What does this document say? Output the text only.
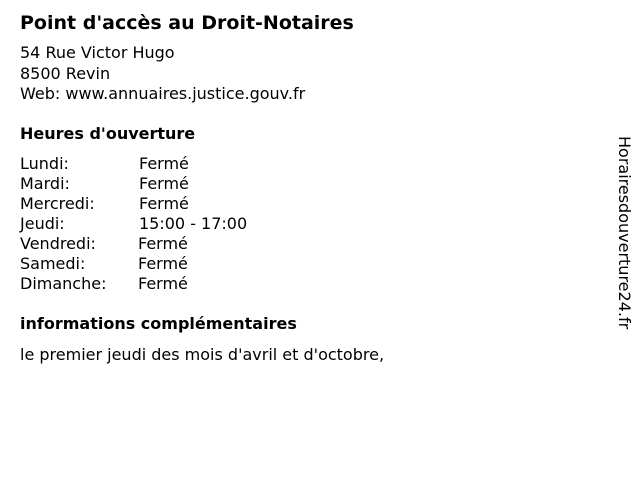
Point d'accès au Droit-Notaires
54 Rue Victor Hugo
8500 Revin
Web: www.annuaires.justice.gouv.fr
Heures d'ouverture
Lundi:	Fermé
Mardi:	Fermé
Mercredi:	Fermé
Jeudi:	15:00 - 17:00
Vendredi:	Fermé
Samedi:	Fermé
Dimanche: Fermé
informations complémentaires
le premier jeudi des mois d'avril et d'octobre,
Horairesdouverture24.fr
